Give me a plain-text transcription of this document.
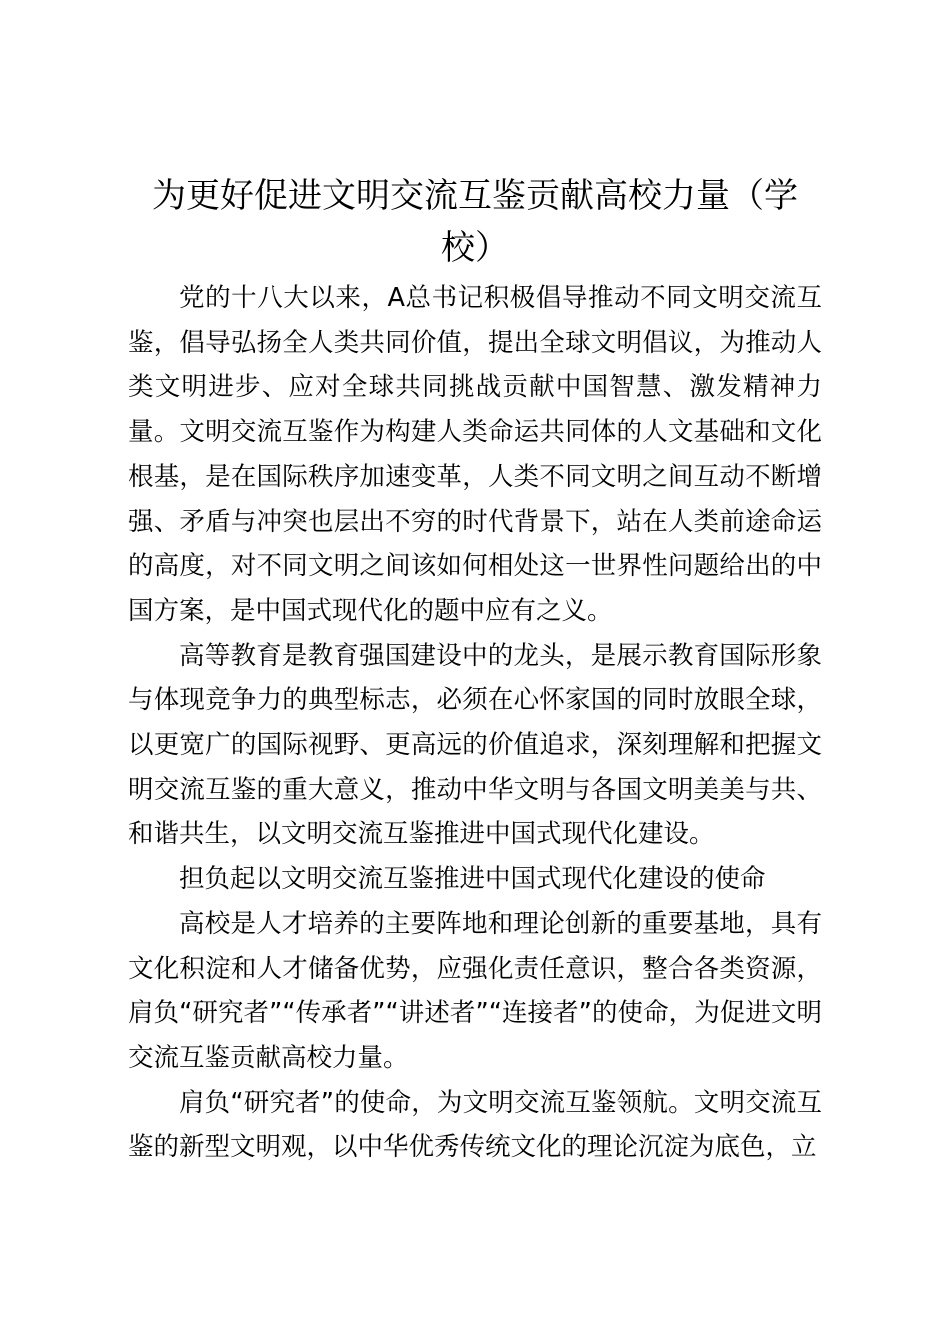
为更好促进文明交流互鉴贡献高校力量（学校）

党的十八大以来，A总书记积极倡导推动不同文明交流互鉴，倡导弘扬全人类共同价值，提出全球文明倡议，为推动人类文明进步、应对全球共同挑战贡献中国智慧、激发精神力量。文明交流互鉴作为构建人类命运共同体的人文基础和文化根基，是在国际秩序加速变革，人类不同文明之间互动不断增强、矛盾与冲突也层出不穷的时代背景下，站在人类前途命运的高度，对不同文明之间该如何相处这一世界性问题给出的中国方案，是中国式现代化的题中应有之义。

高等教育是教育强国建设中的龙头，是展示教育国际形象与体现竞争力的典型标志，必须在心怀家国的同时放眼全球，以更宽广的国际视野、更高远的价值追求，深刻理解和把握文明交流互鉴的重大意义，推动中华文明与各国文明美美与共、和谐共生，以文明交流互鉴推进中国式现代化建设。

担负起以文明交流互鉴推进中国式现代化建设的使命

高校是人才培养的主要阵地和理论创新的重要基地，具有文化积淀和人才储备优势，应强化责任意识，整合各类资源，肩负“研究者”“传承者”“讲述者”“连接者”的使命，为促进文明交流互鉴贡献高校力量。

肩负“研究者”的使命，为文明交流互鉴领航。文明交流互鉴的新型文明观，以中华优秀传统文化的理论沉淀为底色，立
